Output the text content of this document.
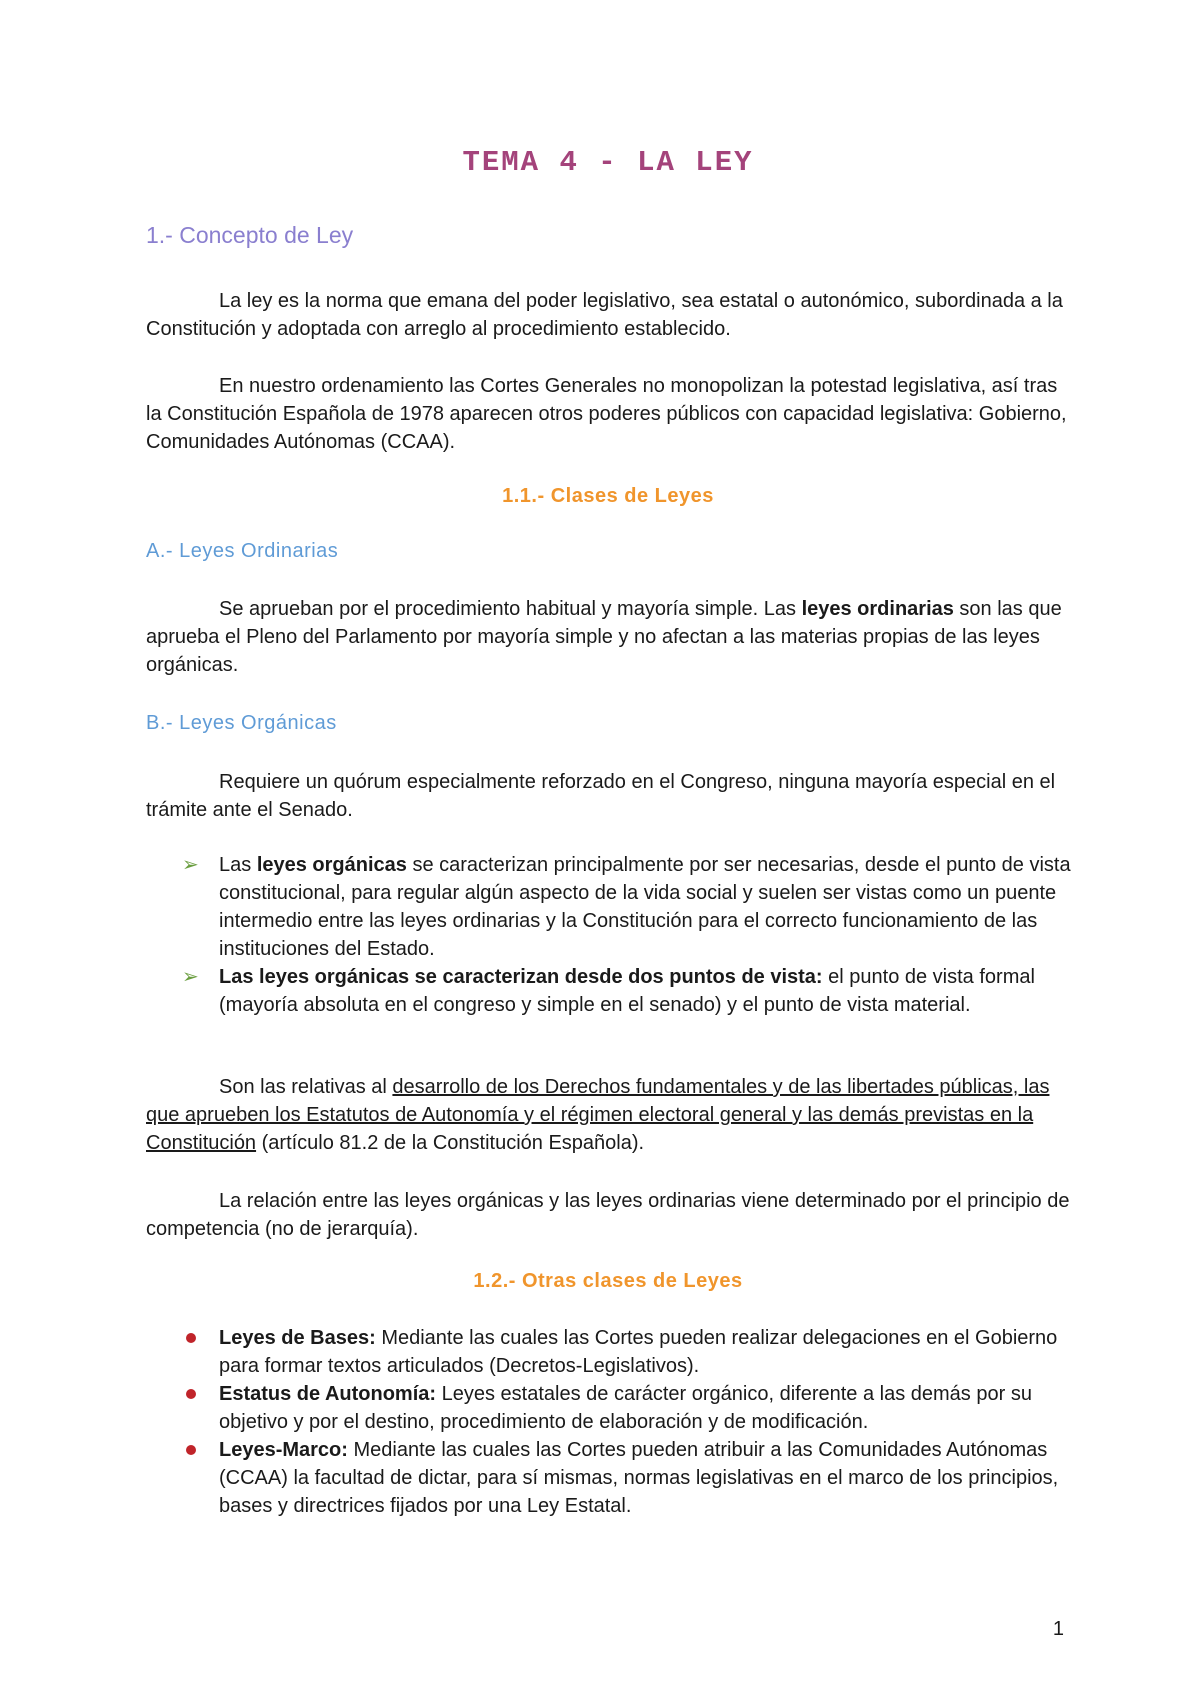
TEMA 4 - LA LEY
1.- Concepto de Ley

La ley es la norma que emana del poder legislativo, sea estatal o autonómico, subordinada a la Constitución y adoptada con arreglo al procedimiento establecido.

En nuestro ordenamiento las Cortes Generales no monopolizan la potestad legislativa, así tras la Constitución Española de 1978 aparecen otros poderes públicos con capacidad legislativa: Gobierno, Comunidades Autónomas (CCAA).

1.1.- Clases de Leyes
A.- Leyes Ordinarias

Se aprueban por el procedimiento habitual y mayoría simple. Las leyes ordinarias son las que aprueba el Pleno del Parlamento por mayoría simple y no afectan a las materias propias de las leyes orgánicas.

B.- Leyes Orgánicas

Requiere un quórum especialmente reforzado en el Congreso, ninguna mayoría especial en el trámite ante el Senado.

➢ Las leyes orgánicas se caracterizan principalmente por ser necesarias, desde el punto de vista constitucional, para regular algún aspecto de la vida social y suelen ser vistas como un puente intermedio entre las leyes ordinarias y la Constitución para el correcto funcionamiento de las instituciones del Estado.
➢ Las leyes orgánicas se caracterizan desde dos puntos de vista: el punto de vista formal (mayoría absoluta en el congreso y simple en el senado) y el punto de vista material.

Son las relativas al desarrollo de los Derechos fundamentales y de las libertades públicas, las que aprueben los Estatutos de Autonomía y el régimen electoral general y las demás previstas en la Constitución (artículo 81.2 de la Constitución Española).

La relación entre las leyes orgánicas y las leyes ordinarias viene determinado por el principio de competencia (no de jerarquía).

1.2.- Otras clases de Leyes
Leyes de Bases: Mediante las cuales las Cortes pueden realizar delegaciones en el Gobierno para formar textos articulados (Decretos-Legislativos).
Estatus de Autonomía: Leyes estatales de carácter orgánico, diferente a las demás por su objetivo y por el destino, procedimiento de elaboración y de modificación.
Leyes-Marco: Mediante las cuales las Cortes pueden atribuir a las Comunidades Autónomas (CCAA) la facultad de dictar, para sí mismas, normas legislativas en el marco de los principios, bases y directrices fijados por una Ley Estatal.
1
